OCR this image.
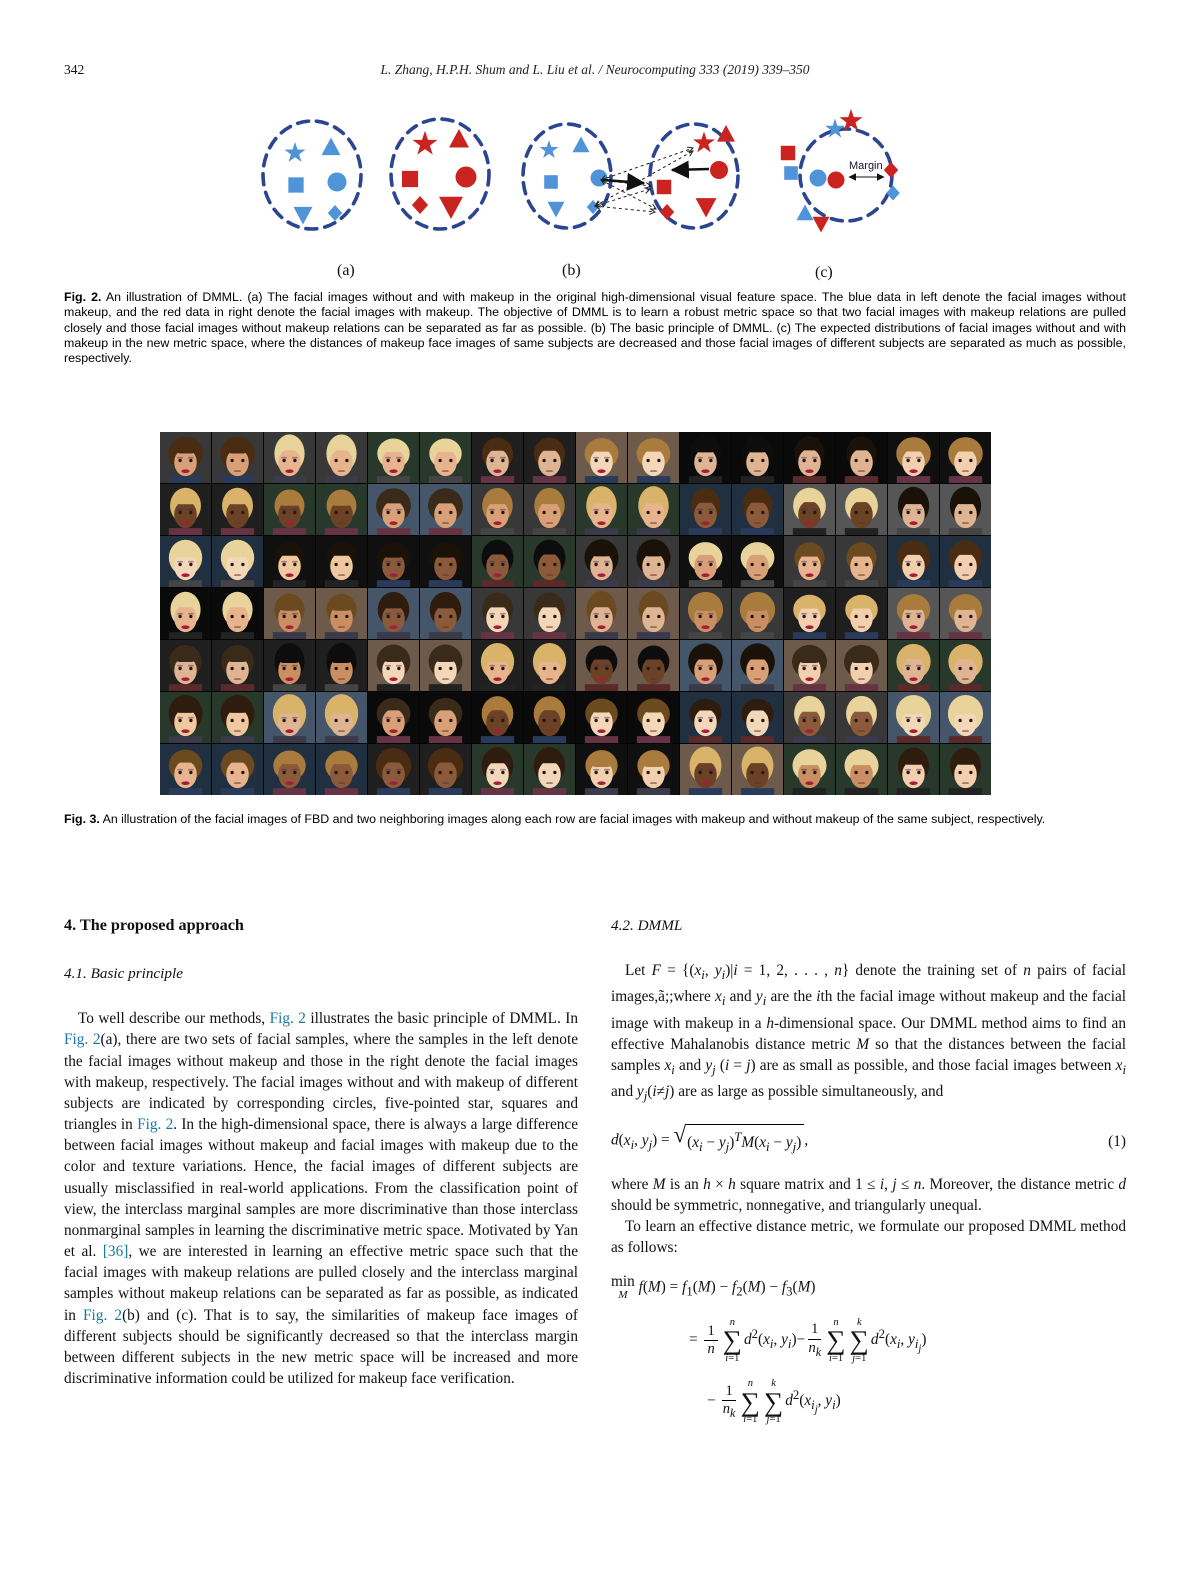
342	L. Zhang, H.P.H. Shum and L. Liu et al. / Neurocomputing 333 (2019) 339–350
(a)	(b)	(c)
Margin
Fig. 2. An illustration of DMML. (a) The facial images without and with makeup in the original high-dimensional visual feature space. The blue data in left denote the facial images without makeup, and the red data in right denote the facial images with makeup. The objective of DMML is to learn a robust metric space so that two facial images with makeup relations are pulled closely and those facial images without makeup relations can be separated as far as possible. (b) The basic principle of DMML. (c) The expected distributions of facial images without and with makeup in the new metric space, where the distances of makeup face images of same subjects are decreased and those facial images of different subjects are separated as much as possible, respectively.
Fig. 3. An illustration of the facial images of FBD and two neighboring images along each row are facial images with makeup and without makeup of the same subject, respectively.
4. The proposed approach
4.1. Basic principle

To well describe our methods, Fig. 2 illustrates the basic principle of DMML. In Fig. 2(a), there are two sets of facial samples, where the samples in the left denote the facial images without makeup and those in the right denote the facial images with makeup, respectively. The facial images without and with makeup of different subjects are indicated by corresponding circles, five-pointed star, squares and triangles in Fig. 2. In the high-dimensional space, there is always a large difference between facial images without makeup and facial images with makeup due to the color and texture variations. Hence, the facial images of different subjects are usually misclassified in real-world applications. From the classification point of view, the interclass marginal samples are more discriminative than those interclass nonmarginal samples in learning the discriminative metric space. Motivated by Yan et al. [36], we are interested in learning an effective metric space such that the facial images with makeup relations are pulled closely and the interclass marginal samples without makeup relations can be separated as far as possible, as indicated in Fig. 2(b) and (c). That is to say, the similarities of makeup face images of different subjects should be significantly decreased so that the interclass margin between different subjects in the new metric space will be increased and more discriminative information could be utilized for makeup face verification.

4.2. DMML

Let $F = \{(x_i$, $y_i)|i = 1$, 2, . . . , n} denote the training set of n pairs of facial images,ã;;where $x_i$ and $y_i$ are the ith the facial image without makeup and the facial image with makeup in a h-dimensional space. Our DMML method aims to find an effective Mahalanobis distance metric M so that the distances between the facial samples $x_i$ and $y_j$ (i = j) are as small as possible, and those facial images between $x_i$ and $y_j(i\ne j)$ are as large as possible simultaneously, and

$d(x_i$, $y_j$) = √ $(x_i - y_j)^TM(x_i - y_j)$ ,	(1)

where M is an h × h square matrix and 1 ≤ i, j ≤ n. Moreover, the distance metric d should be symmetric, nonnegative, and triangularly unequal.

To learn an effective distance metric, we formulate our proposed DMML method as follows:

min
M $f(M) = f_1(M) - f_2(M) - f_3(M)$
= $\frac{1}{n}$
n
∑
i=1
$d^2(x_i$, $y_i)- \frac{1}{n_k}$
n
∑
i=1
k
∑
j=1
$d^2(x_i$, $y_{i_j}$)
− $\frac{1}{n_k}$
n
∑
i=1
k
∑
j=1
$d^2(x_{i_j}$, $y_i$)
